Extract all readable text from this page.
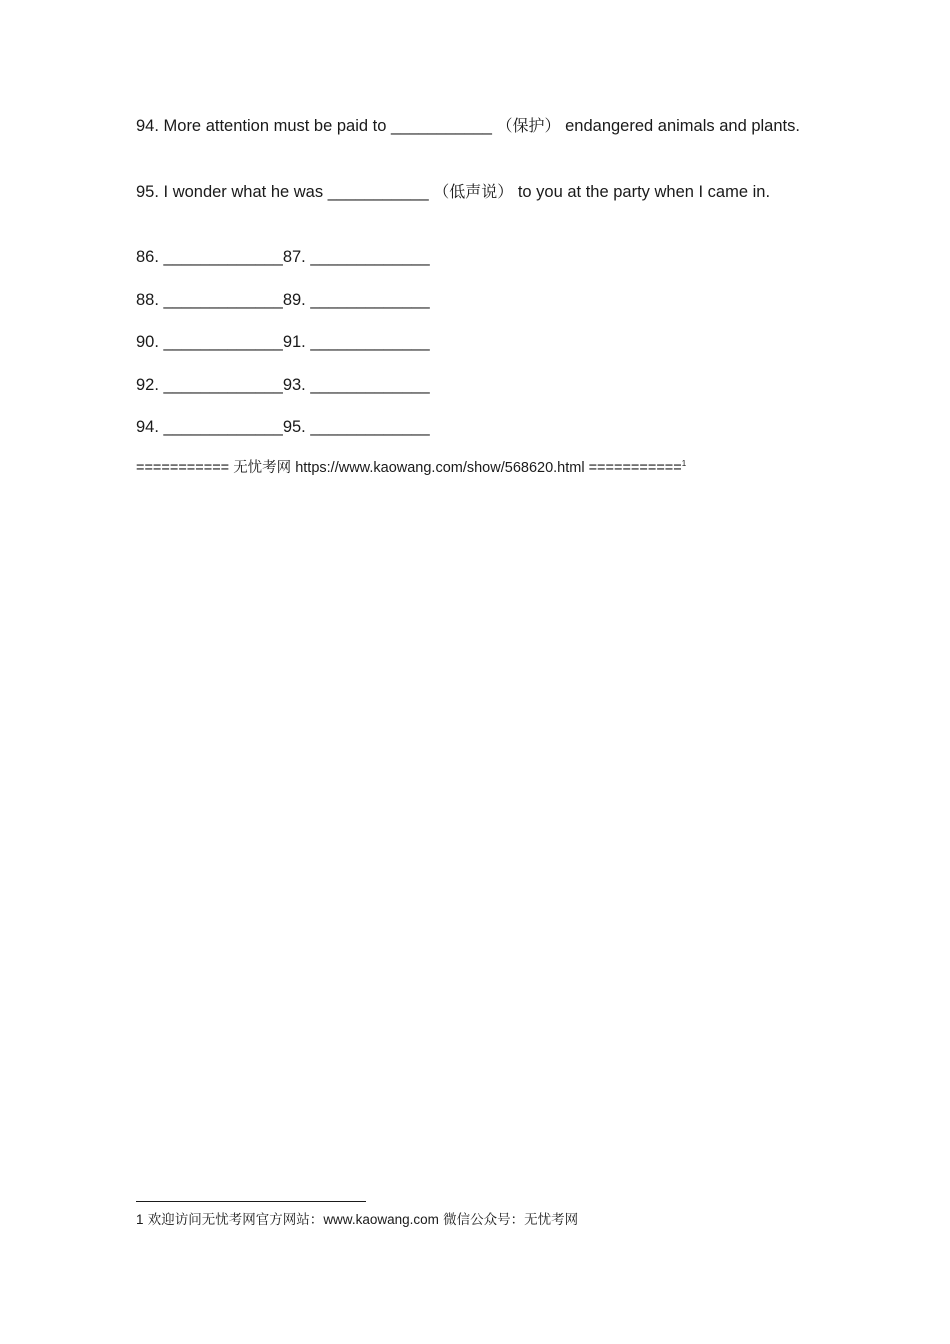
94. More attention must be paid to ___________ （保护） endangered animals and plants.
95. I wonder what he was ___________ （低声说） to you at the party when I came in.
86. _____________87. _____________
88. _____________89. _____________
90. _____________91. _____________
92. _____________93. _____________
94. _____________95. _____________
=========== 无忧考网 https://www.kaowang.com/show/568620.html ===========$^1$
1 欢迎访问无忧考网官方网站：www.kaowang.com 微信公众号：无忧考网
